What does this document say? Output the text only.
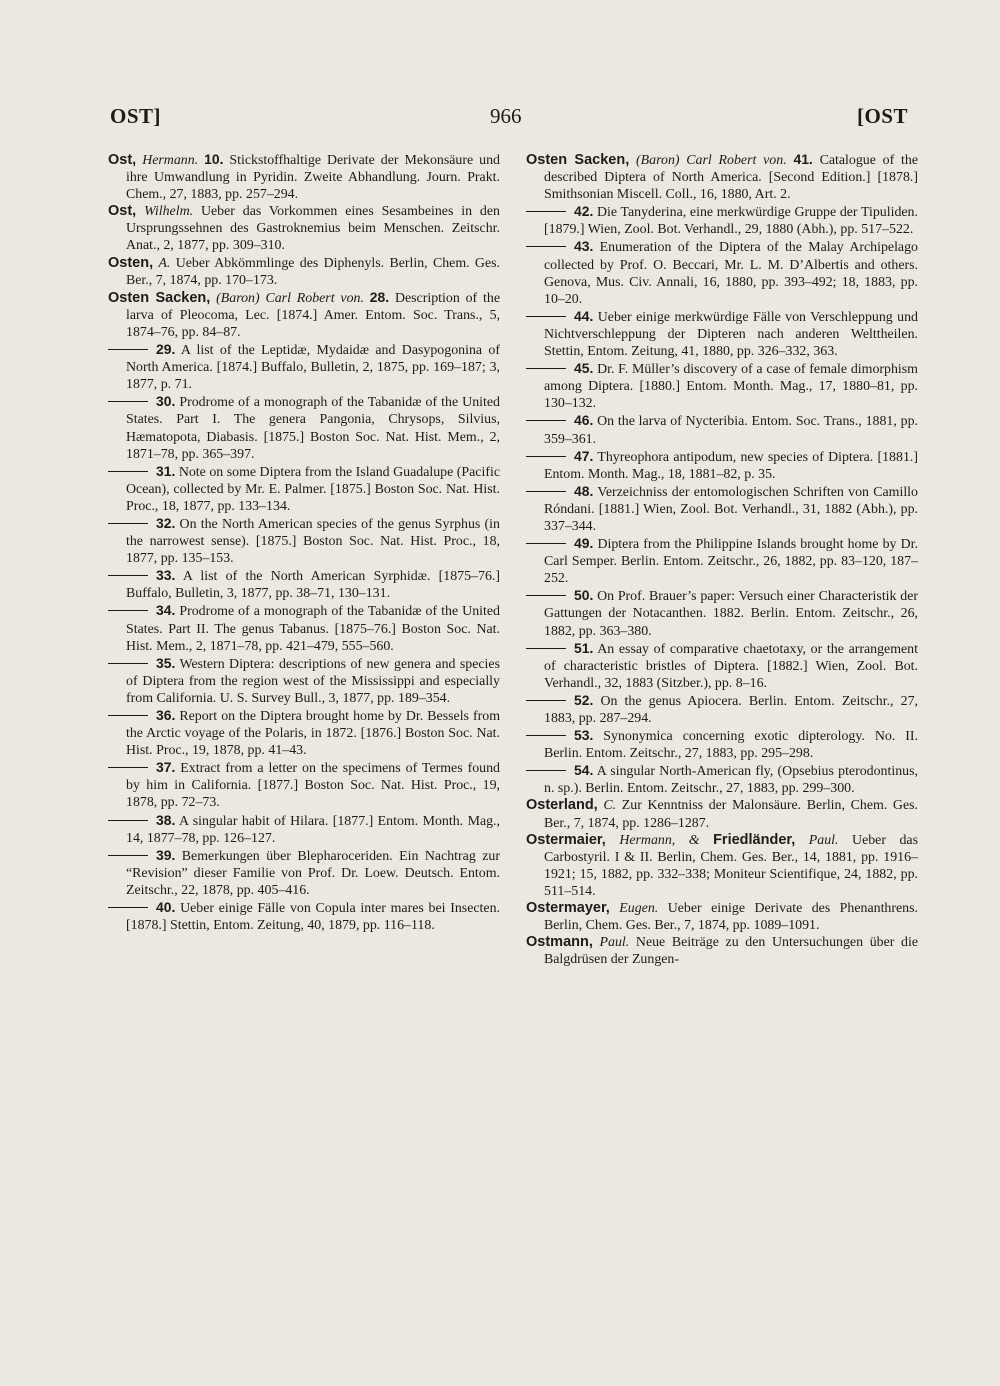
OST]	966	[OST
Ost, Hermann. 10. Stickstoffhaltige Derivate der Mekonsäure und ihre Umwandlung in Pyridin. Zweite Abhandlung. Journ. Prakt. Chem., 27, 1883, pp. 257–294.
Ost, Wilhelm. Ueber das Vorkommen eines Sesambeines in den Ursprungssehnen des Gastroknemius beim Menschen. Zeitschr. Anat., 2, 1877, pp. 309–310.
Osten, A. Ueber Abkömmlinge des Diphenyls. Berlin, Chem. Ges. Ber., 7, 1874, pp. 170–173.
Osten Sacken, (Baron) Carl Robert von. 28. Description of the larva of Pleocoma, Lec. [1874.] Amer. Entom. Soc. Trans., 5, 1874–76, pp. 84–87.
29. A list of the Leptidæ, Mydaidæ and Dasypogonina of North America. [1874.] Buffalo, Bulletin, 2, 1875, pp. 169–187; 3, 1877, p. 71.
30. Prodrome of a monograph of the Tabanidæ of the United States. Part I. The genera Pangonia, Chrysops, Silvius, Hæmatopota, Diabasis. [1875.] Boston Soc. Nat. Hist. Mem., 2, 1871–78, pp. 365–397.
31. Note on some Diptera from the Island Guadalupe (Pacific Ocean), collected by Mr. E. Palmer. [1875.] Boston Soc. Nat. Hist. Proc., 18, 1877, pp. 133–134.
32. On the North American species of the genus Syrphus (in the narrowest sense). [1875.] Boston Soc. Nat. Hist. Proc., 18, 1877, pp. 135–153.
33. A list of the North American Syrphidæ. [1875–76.] Buffalo, Bulletin, 3, 1877, pp. 38–71, 130–131.
34. Prodrome of a monograph of the Tabanidæ of the United States. Part II. The genus Tabanus. [1875–76.] Boston Soc. Nat. Hist. Mem., 2, 1871–78, pp. 421–479, 555–560.
35. Western Diptera: descriptions of new genera and species of Diptera from the region west of the Mississippi and especially from California. U. S. Survey Bull., 3, 1877, pp. 189–354.
36. Report on the Diptera brought home by Dr. Bessels from the Arctic voyage of the Polaris, in 1872. [1876.] Boston Soc. Nat. Hist. Proc., 19, 1878, pp. 41–43.
37. Extract from a letter on the specimens of Termes found by him in California. [1877.] Boston Soc. Nat. Hist. Proc., 19, 1878, pp. 72–73.
38. A singular habit of Hilara. [1877.] Entom. Month. Mag., 14, 1877–78, pp. 126–127.
39. Bemerkungen über Blepharoceriden. Ein Nachtrag zur “Revision” dieser Familie von Prof. Dr. Loew. Deutsch. Entom. Zeitschr., 22, 1878, pp. 405–416.
40. Ueber einige Fälle von Copula inter mares bei Insecten. [1878.] Stettin, Entom. Zeitung, 40, 1879, pp. 116–118.
Osten Sacken, (Baron) Carl Robert von. 41. Catalogue of the described Diptera of North America. [Second Edition.] [1878.] Smithsonian Miscell. Coll., 16, 1880, Art. 2.
42. Die Tanyderina, eine merkwürdige Gruppe der Tipuliden. [1879.] Wien, Zool. Bot. Verhandl., 29, 1880 (Abh.), pp. 517–522.
43. Enumeration of the Diptera of the Malay Archipelago collected by Prof. O. Beccari, Mr. L. M. D’Albertis and others. Genova, Mus. Civ. Annali, 16, 1880, pp. 393–492; 18, 1883, pp. 10–20.
44. Ueber einige merkwürdige Fälle von Verschleppung und Nichtverschleppung der Dipteren nach anderen Welttheilen. Stettin, Entom. Zeitung, 41, 1880, pp. 326–332, 363.
45. Dr. F. Müller’s discovery of a case of female dimorphism among Diptera. [1880.] Entom. Month. Mag., 17, 1880–81, pp. 130–132.
46. On the larva of Nycteribia. Entom. Soc. Trans., 1881, pp. 359–361.
47. Thyreophora antipodum, new species of Diptera. [1881.] Entom. Month. Mag., 18, 1881–82, p. 35.
48. Verzeichniss der entomologischen Schriften von Camillo Róndani. [1881.] Wien, Zool. Bot. Verhandl., 31, 1882 (Abh.), pp. 337–344.
49. Diptera from the Philippine Islands brought home by Dr. Carl Semper. Berlin. Entom. Zeitschr., 26, 1882, pp. 83–120, 187–252.
50. On Prof. Brauer’s paper: Versuch einer Characteristik der Gattungen der Notacanthen. 1882. Berlin. Entom. Zeitschr., 26, 1882, pp. 363–380.
51. An essay of comparative chaetotaxy, or the arrangement of characteristic bristles of Diptera. [1882.] Wien, Zool. Bot. Verhandl., 32, 1883 (Sitzber.), pp. 8–16.
52. On the genus Apiocera. Berlin. Entom. Zeitschr., 27, 1883, pp. 287–294.
53. Synonymica concerning exotic dipterology. No. II. Berlin. Entom. Zeitschr., 27, 1883, pp. 295–298.
54. A singular North-American fly, (Opsebius pterodontinus, n. sp.). Berlin. Entom. Zeitschr., 27, 1883, pp. 299–300.
Osterland, C. Zur Kenntniss der Malonsäure. Berlin, Chem. Ges. Ber., 7, 1874, pp. 1286–1287.
Ostermaier, Hermann, & Friedländer, Paul. Ueber das Carbostyril. I & II. Berlin, Chem. Ges. Ber., 14, 1881, pp. 1916–1921; 15, 1882, pp. 332–338; Moniteur Scientifique, 24, 1882, pp. 511–514.
Ostermayer, Eugen. Ueber einige Derivate des Phenanthrens. Berlin, Chem. Ges. Ber., 7, 1874, pp. 1089–1091.
Ostmann, Paul. Neue Beiträge zu den Untersuchungen über die Balgdrüsen der Zungen-
